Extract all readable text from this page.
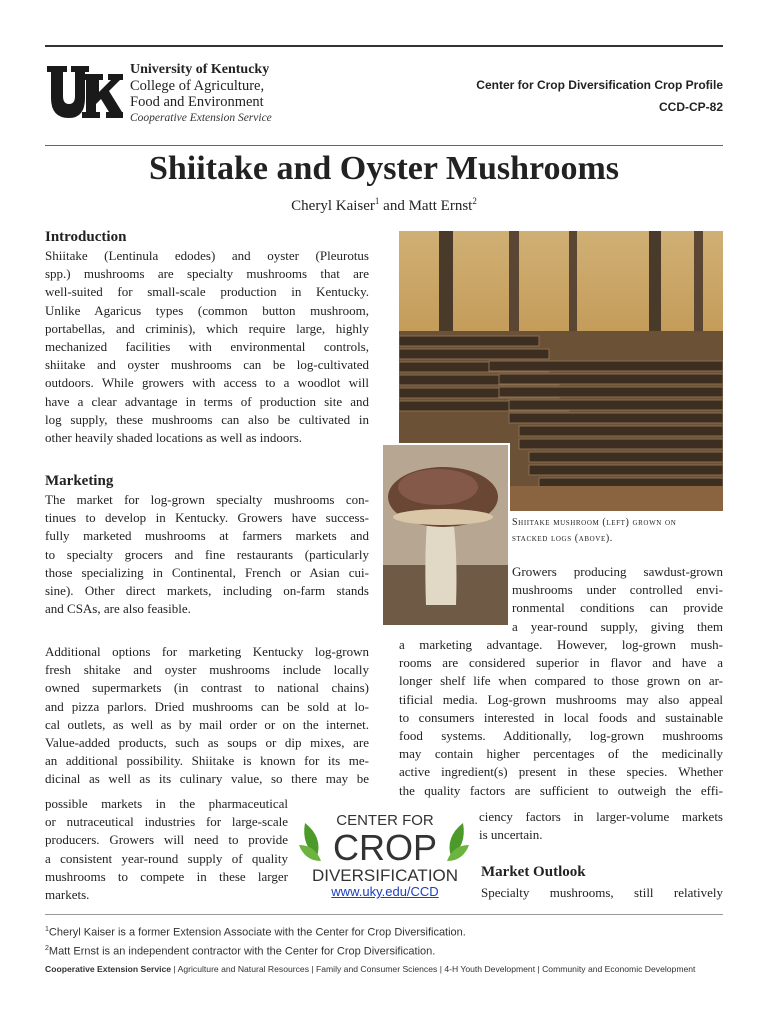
University of Kentucky
College of Agriculture,
Food and Environment
Cooperative Extension Service
Center for Crop Diversification Crop Profile
CCD-CP-82
Shiitake and Oyster Mushrooms
Cheryl Kaiser$^1$ and Matt Ernst$^2$
Introduction
Shiitake (Lentinula edodes) and oyster (Pleurotus
spp.) mushrooms are specialty mushrooms that are
well-suited for small-scale production in Kentucky.
Unlike Agaricus types (common button mushroom,
portabellas, and criminis), which require large, highly
mechanized facilities with environmental controls,
shiitake and oyster mushrooms can be log-cultivated
outdoors. While growers with access to a woodlot will
have a clear advantage in terms of production site and
log supply, these mushrooms can also be cultivated in
other heavily shaded locations as well as indoors.
Marketing
The market for log-grown specialty mushrooms con-
tinues to develop in Kentucky. Growers have success-
fully marketed mushrooms at farmers markets and
to specialty grocers and fine restaurants (particularly
those specializing in Continental, French or Asian cui-
sine). Other direct markets, including on-farm stands
and CSAs, are also feasible.
Additional options for marketing Kentucky log-grown
fresh shitake and oyster mushrooms include locally
owned supermarkets (in contrast to national chains)
and pizza parlors. Dried mushrooms can be sold at lo-
cal outlets, as well as by mail order or on the internet.
Value-added products, such as soups or dip mixes, are
an additional possibility. Shiitake is known for its me-
dicinal as well as its culinary value, so there may be
possible markets in the pharmaceutical
or nutraceutical industries for large-scale
producers. Growers will need to provide
a consistent year-round supply of quality
mushrooms to compete in these larger
markets.
Shiitake mushroom (left) grown on
stacked logs (above).
Growers producing sawdust-grown
mushrooms under controlled envi-
ronmental conditions can provide
a year-round supply, giving them
a marketing advantage. However, log-grown mush-
rooms are considered superior in flavor and have a
longer shelf life when compared to those grown on ar-
tificial media. Log-grown mushrooms may also appeal
to consumers interested in local foods and sustainable
food systems. Additionally, log-grown mushrooms
may contain higher percentages of the medicinally
active ingredient(s) present in these species. Whether
the quality factors are sufficient to outweigh the effi-
ciency factors in larger-volume markets
is uncertain.
Market Outlook
Specialty mushrooms, still relatively
CENTER FOR
CROP
DIVERSIFICATION
www.uky.edu/CCD
$^1$Cheryl Kaiser is a former Extension Associate with the Center for Crop Diversification.
$^2$Matt Ernst is an independent contractor with the Center for Crop Diversification.
Cooperative Extension Service | Agriculture and Natural Resources | Family and Consumer Sciences | 4-H Youth Development | Community and Economic Development
